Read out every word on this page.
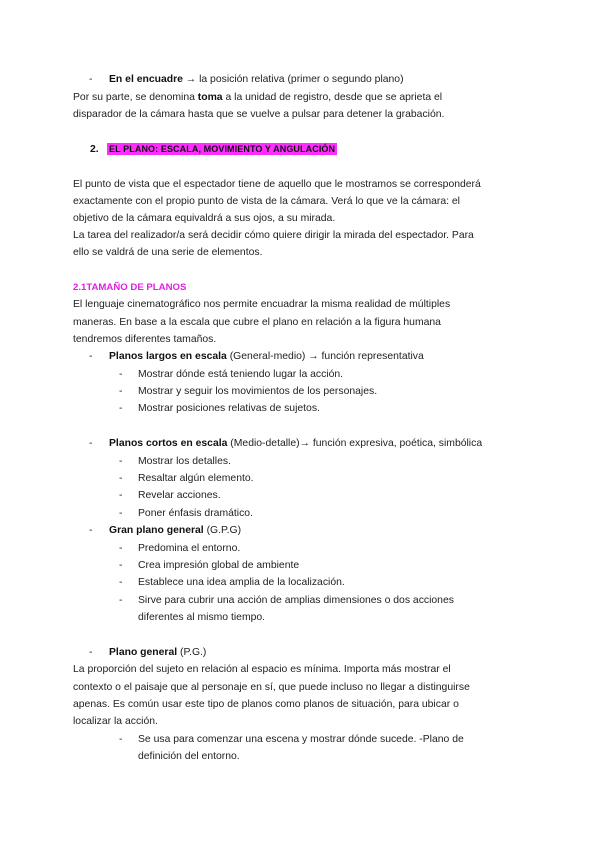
- En el encuadre → la posición relativa (primer o segundo plano)
Por su parte, se denomina toma a la unidad de registro, desde que se aprieta el
disparador de la cámara hasta que se vuelve a pulsar para detener la grabación.
2. EL PLANO: ESCALA, MOVIMIENTO Y ANGULACIÓN
El punto de vista que el espectador tiene de aquello que le mostramos se corresponderá
exactamente con el propio punto de vista de la cámara. Verá lo que ve la cámara: el
objetivo de la cámara equivaldrá a sus ojos, a su mirada.
La tarea del realizador/a será decidir cómo quiere dirigir la mirada del espectador. Para
ello se valdrá de una serie de elementos.
2.1TAMAÑO DE PLANOS
El lenguaje cinematográfico nos permite encuadrar la misma realidad de múltiples
maneras. En base a la escala que cubre el plano en relación a la figura humana
tendremos diferentes tamaños.
- Planos largos en escala (General-medio) → función representativa
- Mostrar dónde está teniendo lugar la acción.
- Mostrar y seguir los movimientos de los personajes.
- Mostrar posiciones relativas de sujetos.
- Planos cortos en escala (Medio-detalle)→ función expresiva, poética, simbólica
- Mostrar los detalles.
- Resaltar algún elemento.
- Revelar acciones.
- Poner énfasis dramático.
- Gran plano general (G.P.G)
- Predomina el entorno.
- Crea impresión global de ambiente
- Establece una idea amplia de la localización.
- Sirve para cubrir una acción de amplias dimensiones o dos acciones
diferentes al mismo tiempo.
- Plano general (P.G.)
La proporción del sujeto en relación al espacio es mínima. Importa más mostrar el
contexto o el paisaje que al personaje en sí, que puede incluso no llegar a distinguirse
apenas. Es común usar este tipo de planos como planos de situación, para ubicar o
localizar la acción.
- Se usa para comenzar una escena y mostrar dónde sucede. -Plano de
definición del entorno.
